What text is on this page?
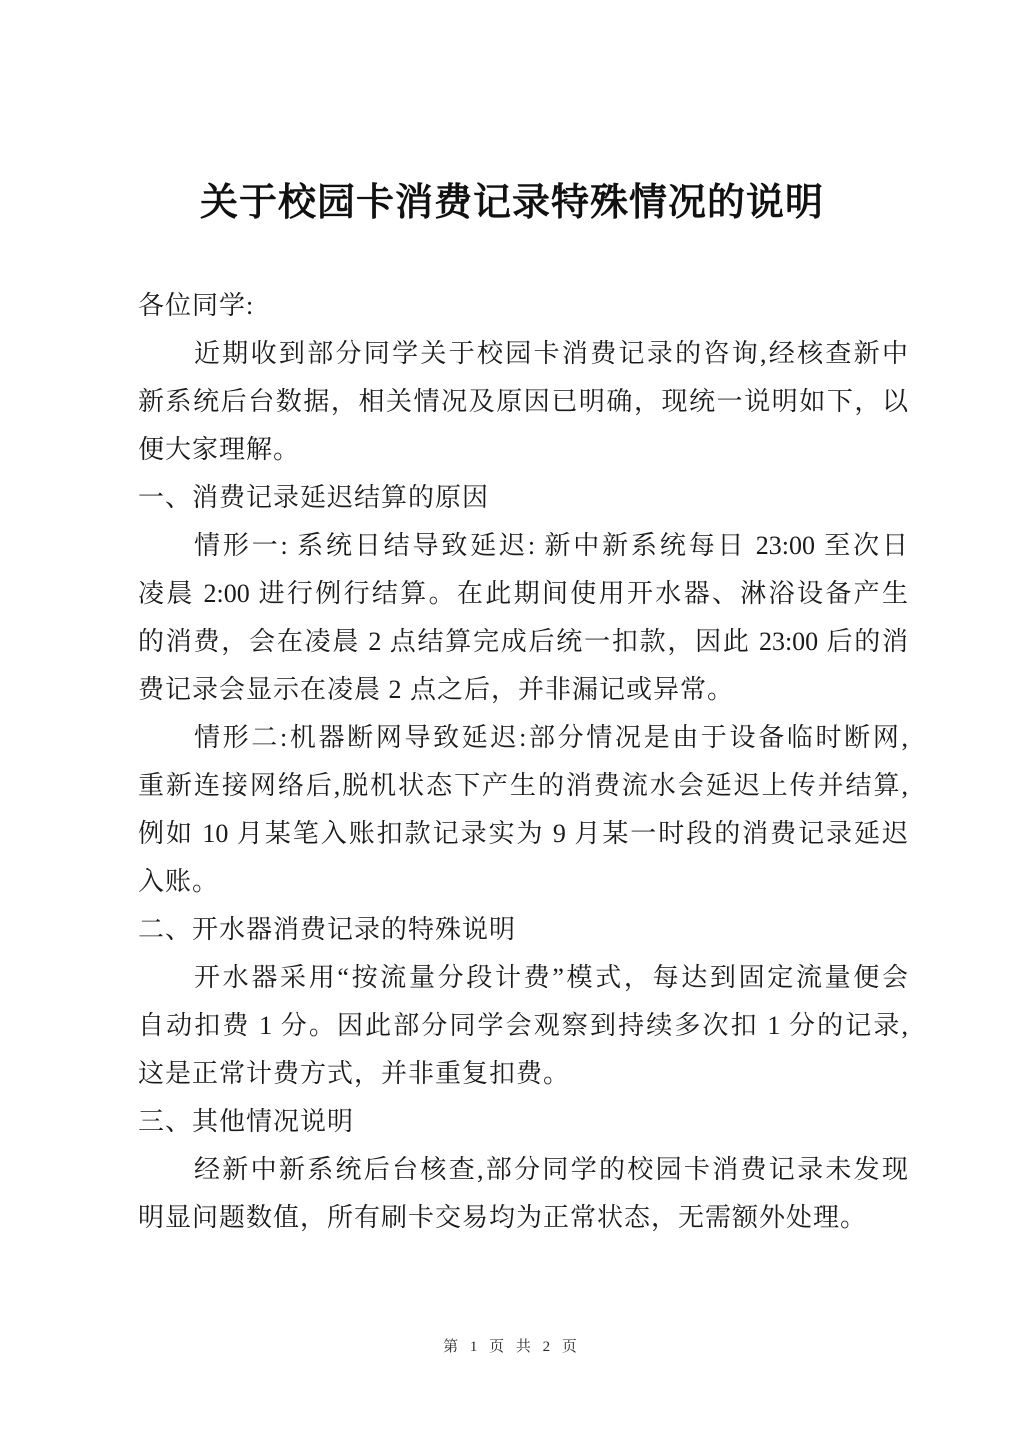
关于校园卡消费记录特殊情况的说明
各位同学:
近期收到部分同学关于校园卡消费记录的咨询,经核查新中
新系统后台数据，相关情况及原因已明确，现统一说明如下，以
便大家理解。
一、消费记录延迟结算的原因
情形一: 系统日结导致延迟: 新中新系统每日 23:00 至次日
凌晨 2:00 进行例行结算。在此期间使用开水器、淋浴设备产生
的消费，会在凌晨 2 点结算完成后统一扣款，因此 23:00 后的消
费记录会显示在凌晨 2 点之后，并非漏记或异常。
情形二:机器断网导致延迟:部分情况是由于设备临时断网,
重新连接网络后,脱机状态下产生的消费流水会延迟上传并结算,
例如 10 月某笔入账扣款记录实为 9 月某一时段的消费记录延迟
入账。
二、开水器消费记录的特殊说明
开水器采用“按流量分段计费”模式，每达到固定流量便会
自动扣费 1 分。因此部分同学会观察到持续多次扣 1 分的记录,
这是正常计费方式，并非重复扣费。
三、其他情况说明
经新中新系统后台核查,部分同学的校园卡消费记录未发现
明显问题数值，所有刷卡交易均为正常状态，无需额外处理。
第 1 页 共 2 页
